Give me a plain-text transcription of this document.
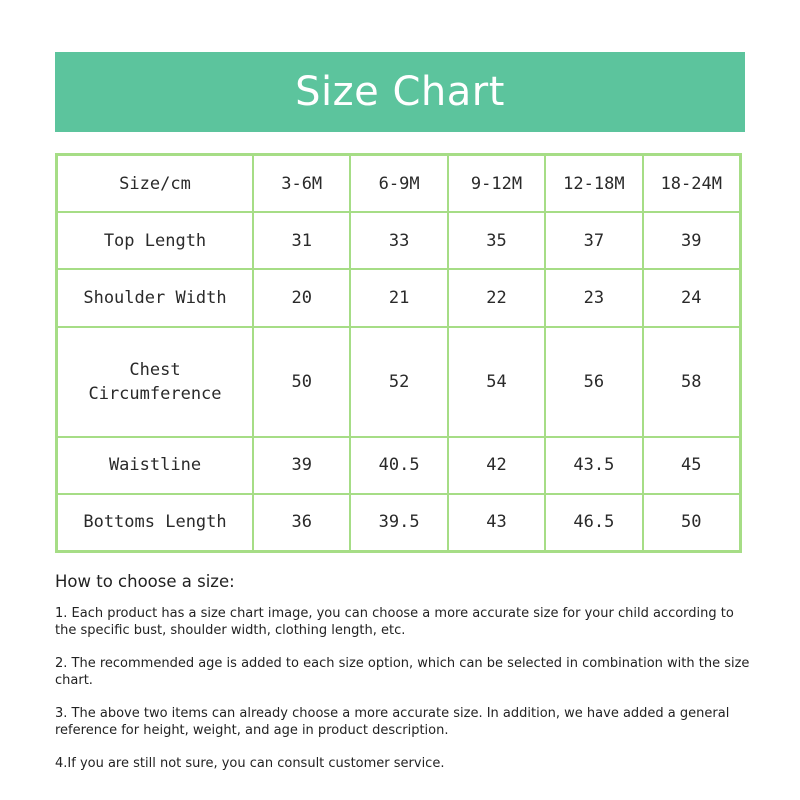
Size Chart
Size/cm	3-6M	6-9M	9-12M	12-18M	18-24M
Top Length	31	33	35	37	39
Shoulder Width	20	21	22	23	24
Chest
Circumference	50	52	54	56	58
Waistline	39	40.5	42	43.5	45
Bottoms Length	36	39.5	43	46.5	50
How to choose a size:

1. Each product has a size chart image, you can choose a more accurate size for your child according to the specific bust, shoulder width, clothing length, etc.

2. The recommended age is added to each size option, which can be selected in combination with the size chart.

3. The above two items can already choose a more accurate size. In addition, we have added a general reference for height, weight, and age in product description.

4.If you are still not sure, you can consult customer service.
